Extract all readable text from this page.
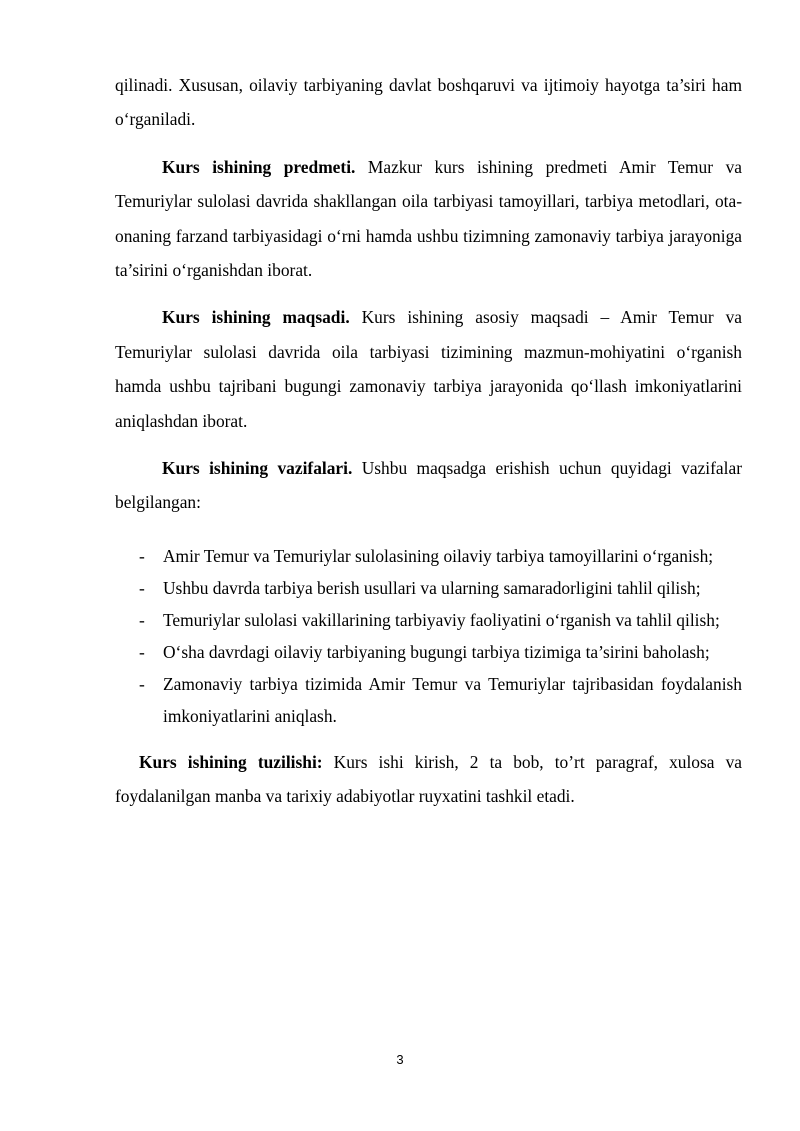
qilinadi. Xususan, oilaviy tarbiyaning davlat boshqaruvi va ijtimoiy hayotga ta’siri ham o‘rganiladi.

Kurs ishining predmeti. Mazkur kurs ishining predmeti Amir Temur va Temuriylar sulolasi davrida shakllangan oila tarbiyasi tamoyillari, tarbiya metodlari, ota-onaning farzand tarbiyasidagi o‘rni hamda ushbu tizimning zamonaviy tarbiya jarayoniga ta’sirini o‘rganishdan iborat.

Kurs ishining maqsadi. Kurs ishining asosiy maqsadi – Amir Temur va Temuriylar sulolasi davrida oila tarbiyasi tizimining mazmun-mohiyatini o‘rganish hamda ushbu tajribani bugungi zamonaviy tarbiya jarayonida qo‘llash imkoniyatlarini aniqlashdan iborat.

Kurs ishining vazifalari. Ushbu maqsadga erishish uchun quyidagi vazifalar belgilangan:

- Amir Temur va Temuriylar sulolasining oilaviy tarbiya tamoyillarini o‘rganish;
- Ushbu davrda tarbiya berish usullari va ularning samaradorligini tahlil qilish;
- Temuriylar sulolasi vakillarining tarbiyaviy faoliyatini o‘rganish va tahlil qilish;
- O‘sha davrdagi oilaviy tarbiyaning bugungi tarbiya tizimiga ta’sirini baholash;
- Zamonaviy tarbiya tizimida Amir Temur va Temuriylar tajribasidan foydalanish imkoniyatlarini aniqlash.

Kurs ishining tuzilishi: Kurs ishi kirish, 2 ta bob, to’rt paragraf, xulosa va foydalanilgan manba va tarixiy adabiyotlar ruyxatini tashkil etadi.

3
